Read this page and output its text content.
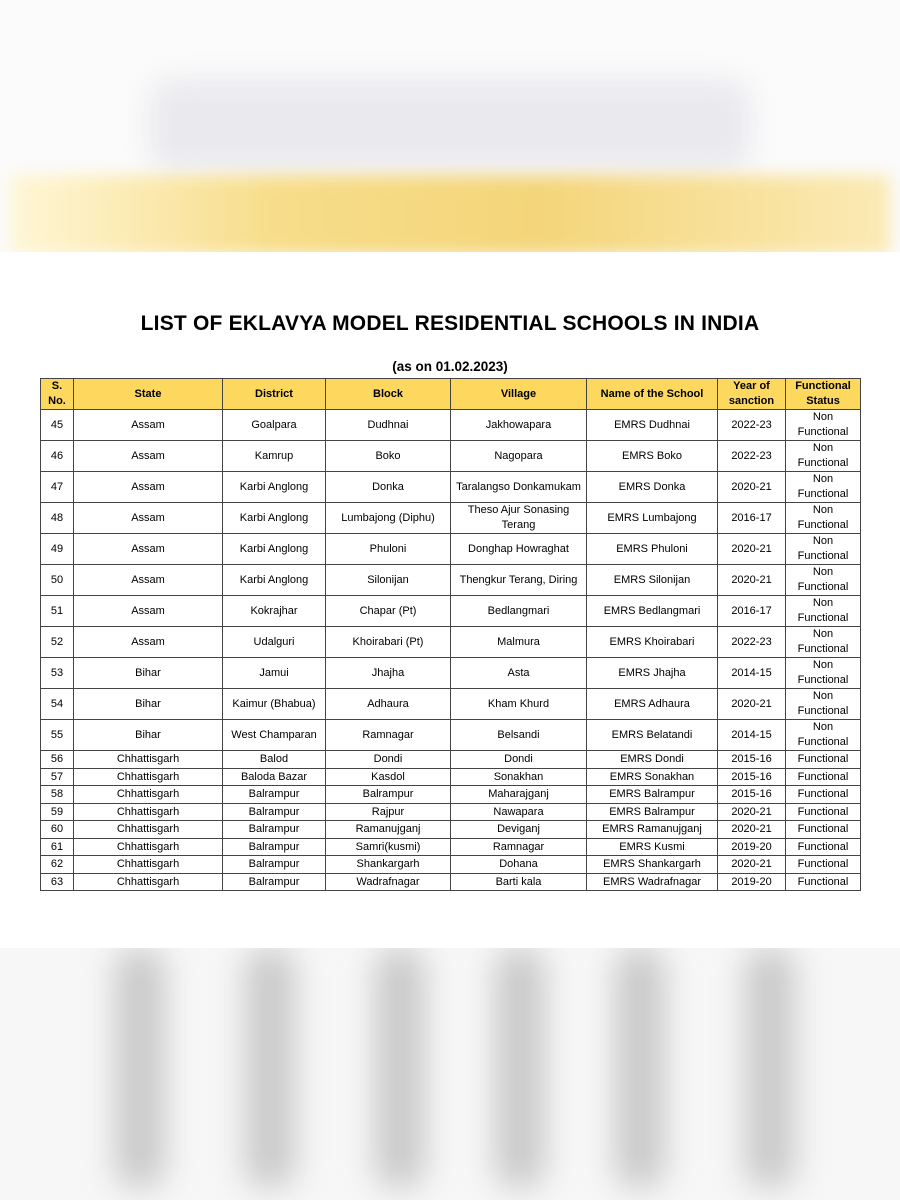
LIST OF EKLAVYA MODEL RESIDENTIAL SCHOOLS IN INDIA
(as on 01.02.2023)
S. No.	State	District	Block	Village	Name of the School	Year of sanction	Functional Status
45	Assam	Goalpara	Dudhnai	Jakhowapara	EMRS Dudhnai	2022-23	Non Functional
46	Assam	Kamrup	Boko	Nagopara	EMRS Boko	2022-23	Non Functional
47	Assam	Karbi Anglong	Donka	Taralangso Donkamukam	EMRS Donka	2020-21	Non Functional
48	Assam	Karbi Anglong	Lumbajong (Diphu)	Theso Ajur Sonasing Terang	EMRS Lumbajong	2016-17	Non Functional
49	Assam	Karbi Anglong	Phuloni	Donghap Howraghat	EMRS Phuloni	2020-21	Non Functional
50	Assam	Karbi Anglong	Silonijan	Thengkur Terang, Diring	EMRS Silonijan	2020-21	Non Functional
51	Assam	Kokrajhar	Chapar (Pt)	Bedlangmari	EMRS Bedlangmari	2016-17	Non Functional
52	Assam	Udalguri	Khoirabari (Pt)	Malmura	EMRS Khoirabari	2022-23	Non Functional
53	Bihar	Jamui	Jhajha	Asta	EMRS Jhajha	2014-15	Non Functional
54	Bihar	Kaimur (Bhabua)	Adhaura	Kham Khurd	EMRS Adhaura	2020-21	Non Functional
55	Bihar	West Champaran	Ramnagar	Belsandi	EMRS Belatandi	2014-15	Non Functional
56	Chhattisgarh	Balod	Dondi	Dondi	EMRS Dondi	2015-16	Functional
57	Chhattisgarh	Baloda Bazar	Kasdol	Sonakhan	EMRS Sonakhan	2015-16	Functional
58	Chhattisgarh	Balrampur	Balrampur	Maharajganj	EMRS Balrampur	2015-16	Functional
59	Chhattisgarh	Balrampur	Rajpur	Nawapara	EMRS Balrampur	2020-21	Functional
60	Chhattisgarh	Balrampur	Ramanujganj	Deviganj	EMRS Ramanujganj	2020-21	Functional
61	Chhattisgarh	Balrampur	Samri(kusmi)	Ramnagar	EMRS Kusmi	2019-20	Functional
62	Chhattisgarh	Balrampur	Shankargarh	Dohana	EMRS Shankargarh	2020-21	Functional
63	Chhattisgarh	Balrampur	Wadrafnagar	Barti kala	EMRS Wadrafnagar	2019-20	Functional
